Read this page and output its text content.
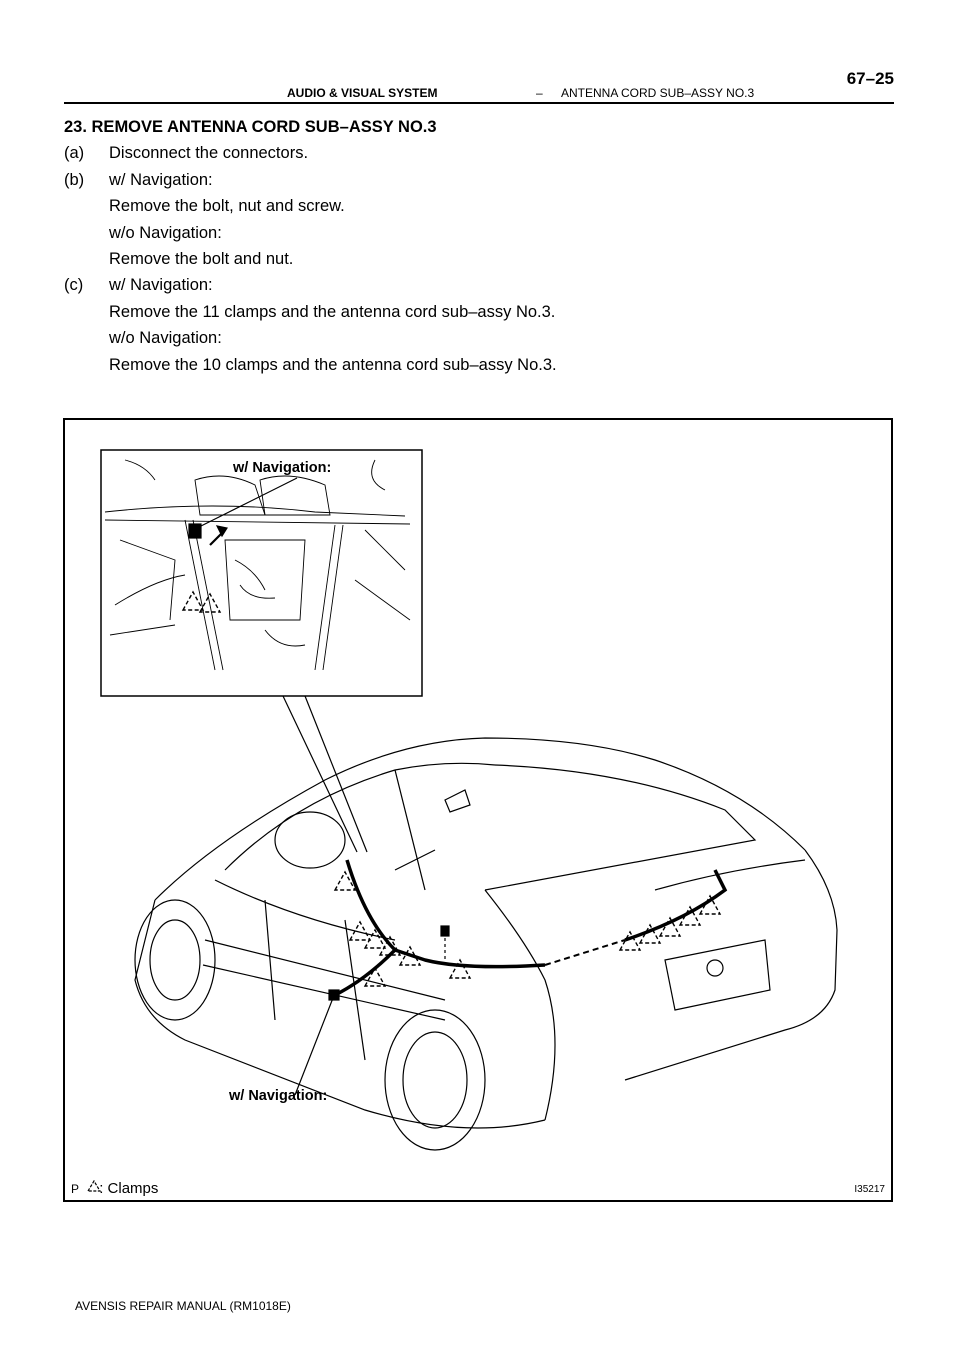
AUDIO & VISUAL SYSTEM	– ANTENNA CORD SUB–ASSY NO.3
67–25
23. REMOVE ANTENNA CORD SUB–ASSY NO.3
(a) Disconnect the connectors.
(b) w/ Navigation:
Remove the bolt, nut and screw.
w/o Navigation:
Remove the bolt and nut.
(c) w/ Navigation:
Remove the 11 clamps and the antenna cord sub–assy No.3.
w/o Navigation:
Remove the 10 clamps and the antenna cord sub–assy No.3.
w/ Navigation:
w/ Navigation:
P : Clamps	I35217
AVENSIS REPAIR MANUAL (RM1018E)
